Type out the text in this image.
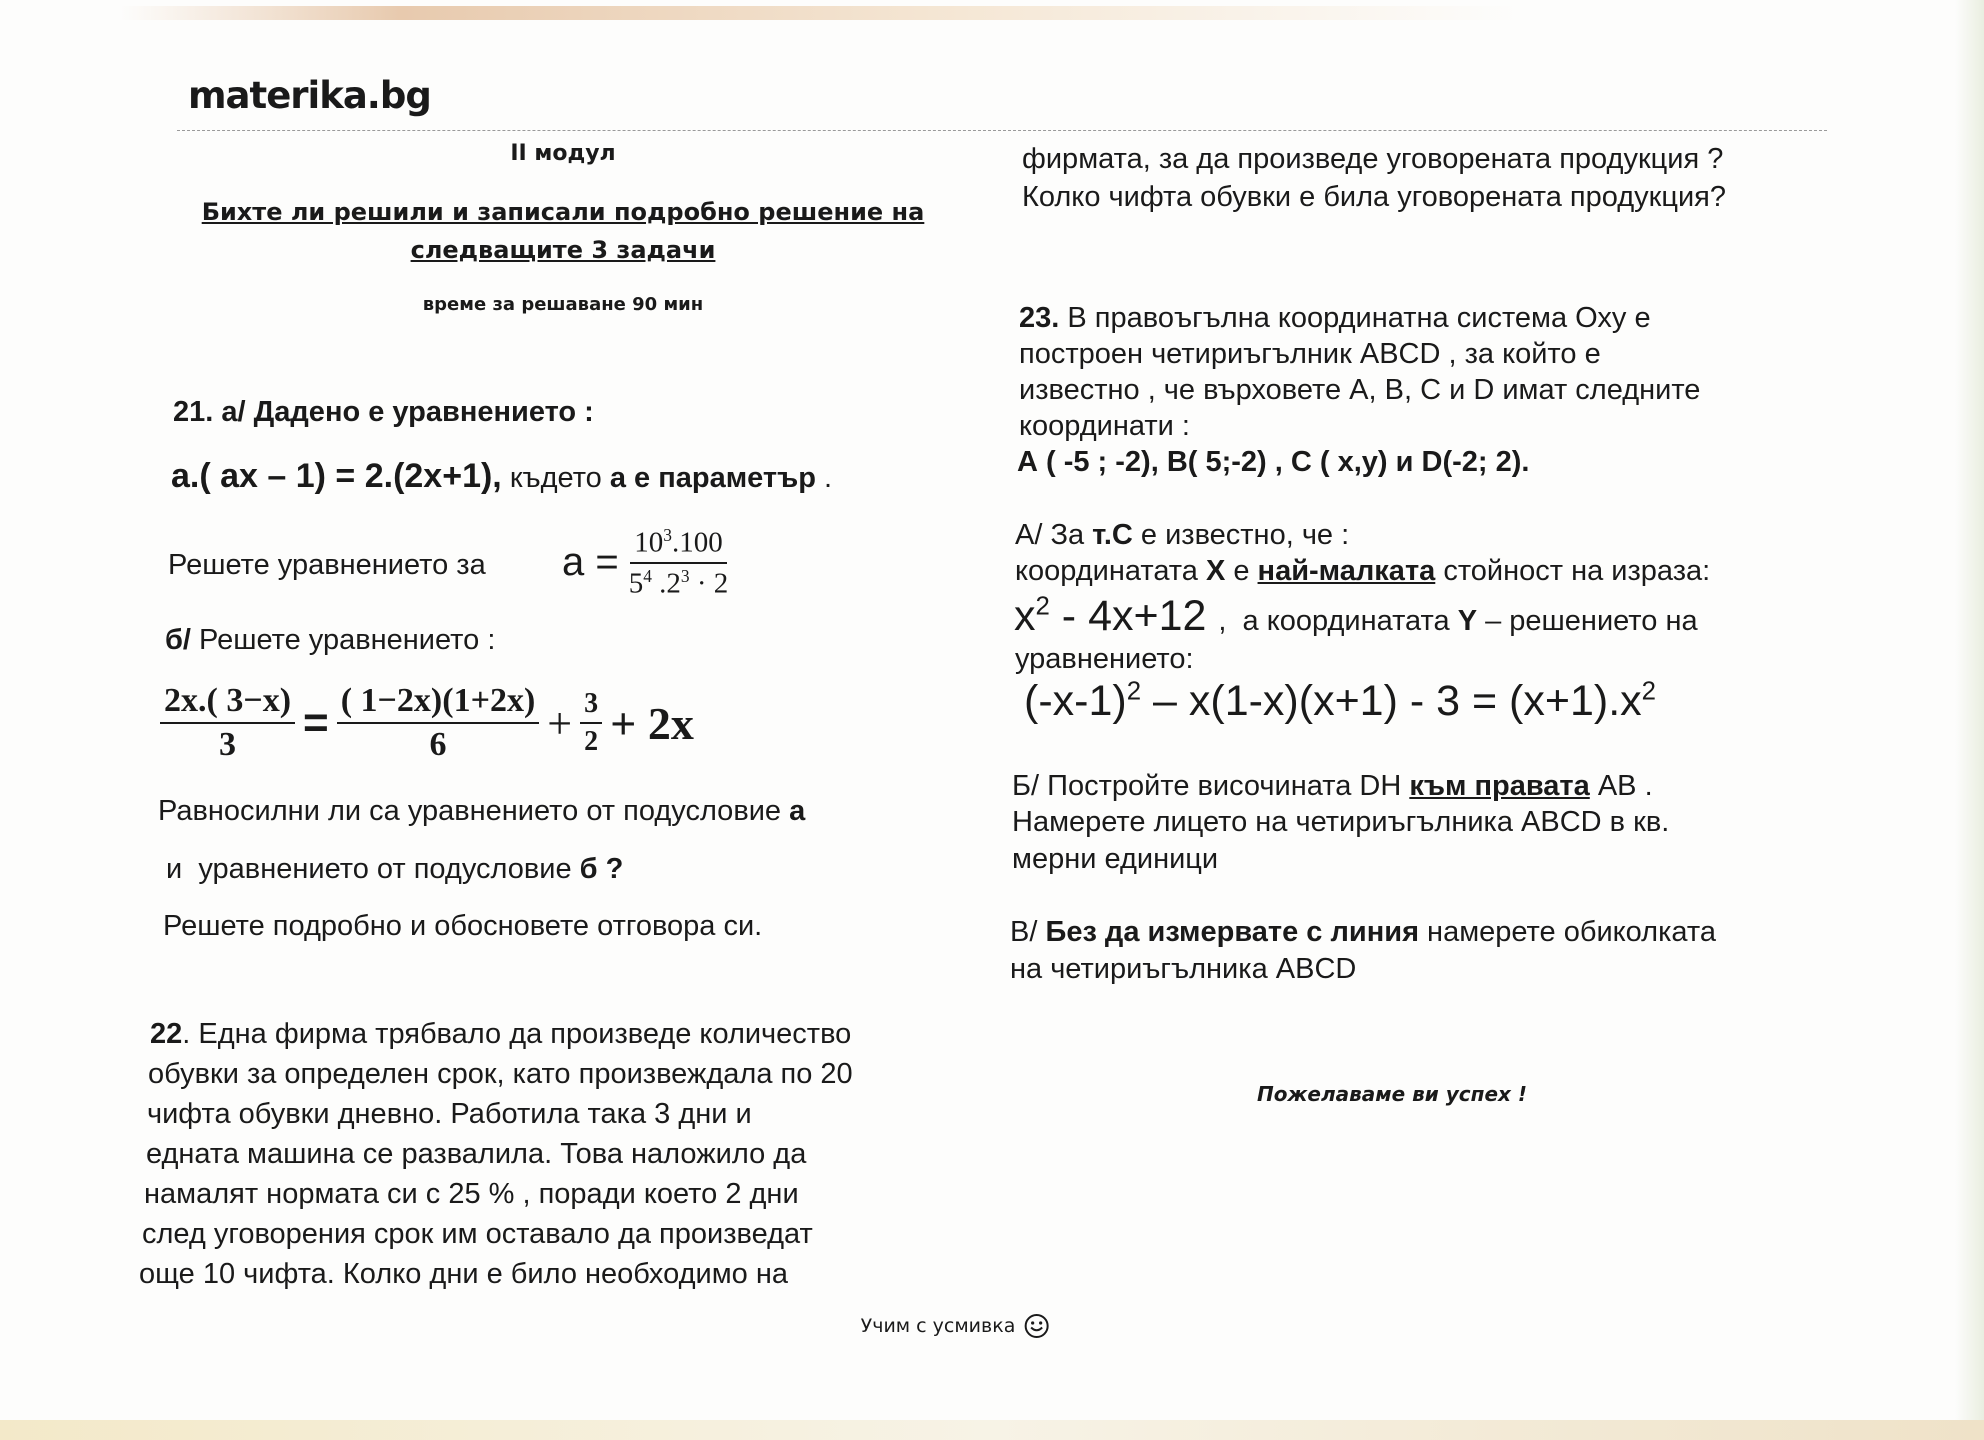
materika.bg
II модул
Бихте ли решили и записали подробно решение на
следващите 3 задачи
време за решаване 90 мин
21. а/ Дадено е уравнението :
а.( ах – 1) = 2.(2х+1), където а е параметър .
Решете уравнението за $a = \frac{10^3.100}{5^4 .2^3 \cdot 2}$
б/ Решете уравнението :
$\frac{2x.( 3-x)}{3} = \frac{( 1-2x)(1+2x)}{6} + \frac{3}{2} + 2x$
Равносилни ли са уравнението от подусловие а
и  уравнението от подусловие б ?
Решете подробно и обосновете отговора си.
22. Една фирма трябвало да произведе количество
обувки за определен срок, като произвеждала по 20
чифта обувки дневно. Работила така 3 дни и
едната машина се развалила. Това наложило да
намалят нормата си с 25 % , поради което 2 дни
след уговорения срок им оставало да произведат
още 10 чифта. Колко дни е било необходимо на
фирмата, за да произведе уговорената продукция ?
Колко чифта обувки е била уговорената продукция?
23. В правоъгълна координатна система Оху е
построен четириъгълник ABCD , за който е
известно , че върховете А, В, С и D имат следните
координати :
А ( -5 ; -2), В( 5;-2) , С ( х,у) и D(-2; 2).
А/ За т.С е известно, че :
координатата Х е най-малката стойност на израза:
$х^2 - 4х+12$ ,  а координатата Y – решението на
уравнението:
$(-х-1)^2 - х(1-х)(х+1) - 3 = (х+1).х^2$
Б/ Постройте височината DH към правата АВ .
Намерете лицето на четириъгълника ABCD в кв.
мерни единици
В/ Без да измервате с линия намерете обиколката
на четириъгълника ABCD
Пожелаваме ви успех !
Учим с усмивка
